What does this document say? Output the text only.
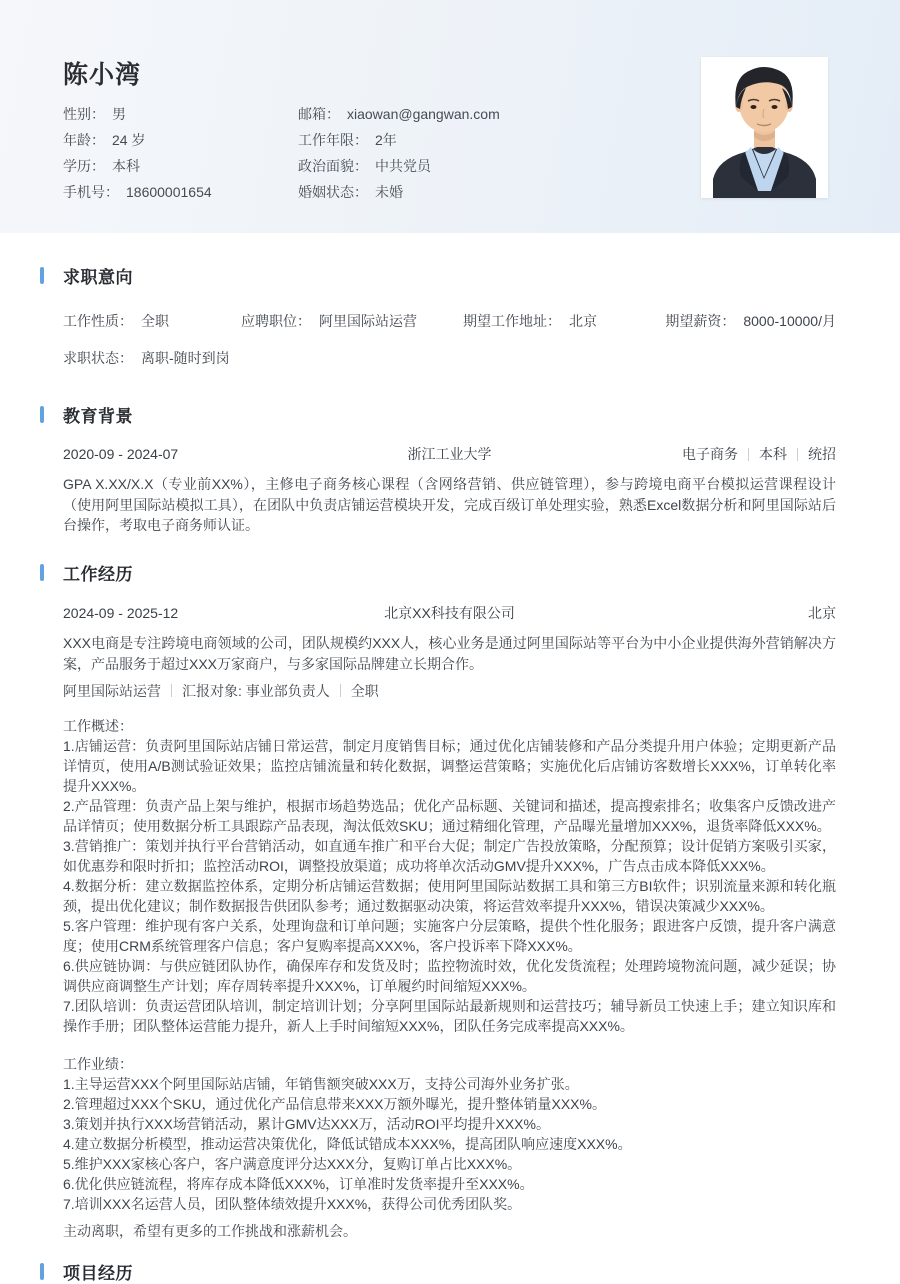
陈小湾
性别： 男
年龄： 24 岁
学历： 本科
手机号： 18600001654
邮箱： xiaowan@gangwan.com
工作年限： 2年
政治面貌： 中共党员
婚姻状态： 未婚
求职意向
工作性质： 全职	应聘职位： 阿里国际站运营	期望工作地址： 北京	期望薪资： 8000-10000/月
求职状态： 离职-随时到岗
教育背景
2020-09 - 2024-07	浙江工业大学	电子商务 本科 统招

GPA X.XX/X.X（专业前XX%），主修电子商务核心课程（含网络营销、供应链管理），参与跨境电商平台模拟运营课程设计（使用阿里国际站模拟工具），在团队中负责店铺运营模块开发，完成百级订单处理实验，熟悉Excel数据分析和阿里国际站后台操作，考取电子商务师认证。

工作经历
2024-09 - 2025-12	北京XX科技有限公司	北京

XXX电商是专注跨境电商领域的公司，团队规模约XXX人，核心业务是通过阿里国际站等平台为中小企业提供海外营销解决方案，产品服务于超过XXX万家商户，与多家国际品牌建立长期合作。

阿里国际站运营 汇报对象: 事业部负责人 全职

工作概述：

1.店铺运营：负责阿里国际站店铺日常运营，制定月度销售目标；通过优化店铺装修和产品分类提升用户体验；定期更新产品详情页，使用A/B测试验证效果；监控店铺流量和转化数据，调整运营策略；实施优化后店铺访客数增长XXX%，订单转化率提升XXX%。

2.产品管理：负责产品上架与维护，根据市场趋势选品；优化产品标题、关键词和描述，提高搜索排名；收集客户反馈改进产品详情页；使用数据分析工具跟踪产品表现，淘汰低效SKU；通过精细化管理，产品曝光量增加XXX%，退货率降低XXX%。

3.营销推广：策划并执行平台营销活动，如直通车推广和平台大促；制定广告投放策略，分配预算；设计促销方案吸引买家，如优惠券和限时折扣；监控活动ROI，调整投放渠道；成功将单次活动GMV提升XXX%，广告点击成本降低XXX%。

4.数据分析：建立数据监控体系，定期分析店铺运营数据；使用阿里国际站数据工具和第三方BI软件；识别流量来源和转化瓶颈，提出优化建议；制作数据报告供团队参考；通过数据驱动决策，将运营效率提升XXX%，错误决策减少XXX%。

5.客户管理：维护现有客户关系，处理询盘和订单问题；实施客户分层策略，提供个性化服务；跟进客户反馈，提升客户满意度；使用CRM系统管理客户信息；客户复购率提高XXX%，客户投诉率下降XXX%。

6.供应链协调：与供应链团队协作，确保库存和发货及时；监控物流时效，优化发货流程；处理跨境物流问题，减少延误；协调供应商调整生产计划；库存周转率提升XXX%，订单履约时间缩短XXX%。

7.团队培训：负责运营团队培训，制定培训计划；分享阿里国际站最新规则和运营技巧；辅导新员工快速上手；建立知识库和操作手册；团队整体运营能力提升，新人上手时间缩短XXX%，团队任务完成率提高XXX%。

工作业绩：

1.主导运营XXX个阿里国际站店铺，年销售额突破XXX万，支持公司海外业务扩张。

2.管理超过XXX个SKU，通过优化产品信息带来XXX万额外曝光，提升整体销量XXX%。

3.策划并执行XXX场营销活动，累计GMV达XXX万，活动ROI平均提升XXX%。

4.建立数据分析模型，推动运营决策优化，降低试错成本XXX%，提高团队响应速度XXX%。

5.维护XXX家核心客户，客户满意度评分达XXX分，复购订单占比XXX%。

6.优化供应链流程，将库存成本降低XXX%，订单准时发货率提升至XXX%。

7.培训XXX名运营人员，团队整体绩效提升XXX%，获得公司优秀团队奖。

主动离职，希望有更多的工作挑战和涨薪机会。

项目经历
